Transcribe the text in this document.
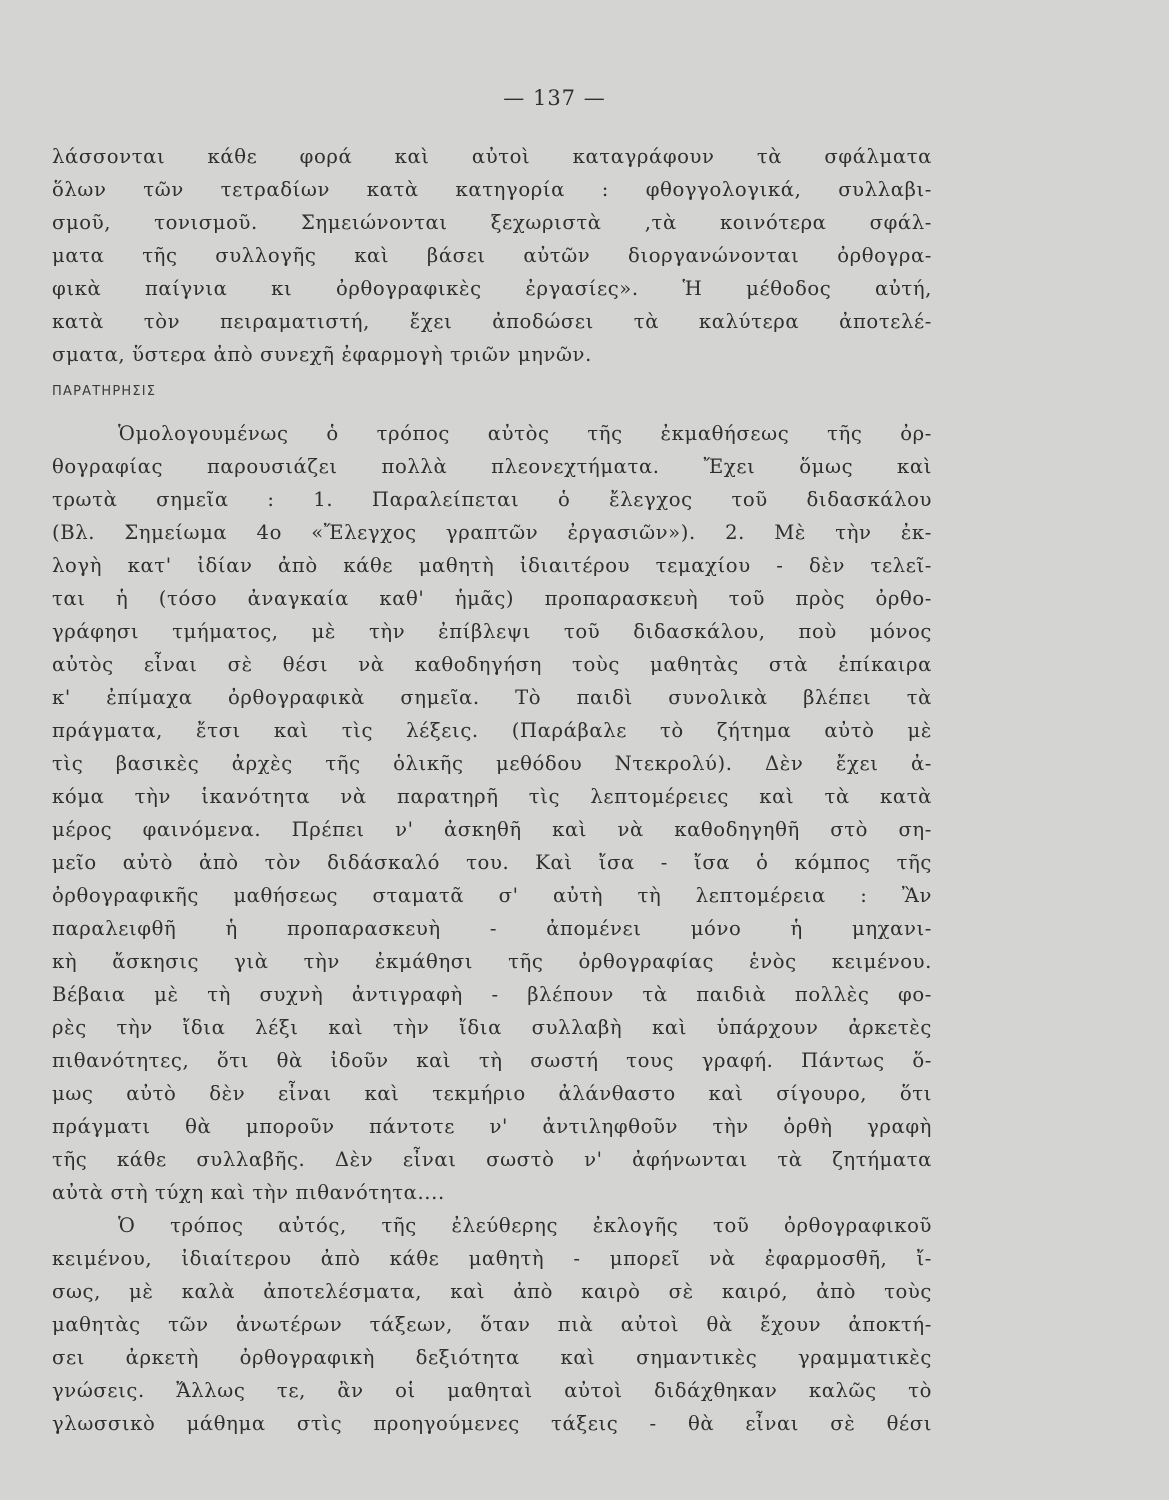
— 137 —
λάσσονται κάθε φορά καὶ αὐτοὶ καταγράφουν τὰ σφάλματα
ὅλων τῶν τετραδίων κατὰ κατηγορία : φθογγολογικά, συλλαβι-
σμοῦ, τονισμοῦ. Σημειώνονται ξεχωριστὰ ,τὰ κοινότερα σφάλ-
ματα τῆς συλλογῆς καὶ βάσει αὐτῶν διοργανώνονται ὀρθογρα-
φικὰ παίγνια κι ὀρθογραφικὲς ἐργασίες». Ἡ μέθοδος αὐτή,
κατὰ τὸν πειραματιστή, ἔχει ἀποδώσει τὰ καλύτερα ἀποτελέ-
σματα, ὕστερα ἀπὸ συνεχῆ ἐφαρμογὴ τριῶν μηνῶν.
ΠΑΡΑΤΗΡΗΣΙΣ
Ὁμολογουμένως ὁ τρόπος αὐτὸς τῆς ἐκμαθήσεως τῆς ὀρ-
θογραφίας παρουσιάζει πολλὰ πλεονεχτήματα. Ἔχει ὅμως καὶ
τρωτὰ σημεῖα : 1. Παραλείπεται ὁ ἔλεγχος τοῦ διδασκάλου
(Βλ. Σημείωμα 4ο «Ἔλεγχος γραπτῶν ἐργασιῶν»). 2. Μὲ τὴν ἐκ-
λογὴ κατ' ἰδίαν ἀπὸ κάθε μαθητὴ ἰδιαιτέρου τεμαχίου - δὲν τελεῖ-
ται ἡ (τόσο ἀναγκαία καθ' ἡμᾶς) προπαρασκευὴ τοῦ πρὸς ὀρθο-
γράφησι τμήματος, μὲ τὴν ἐπίβλεψι τοῦ διδασκάλου, ποὺ μόνος
αὐτὸς εἶναι σὲ θέσι νὰ καθοδηγήση τοὺς μαθητὰς στὰ ἐπίκαιρα
κ' ἐπίμαχα ὀρθογραφικὰ σημεῖα. Τὸ παιδὶ συνολικὰ βλέπει τὰ
πράγματα, ἔτσι καὶ τὶς λέξεις. (Παράβαλε τὸ ζήτημα αὐτὸ μὲ
τὶς βασικὲς ἀρχὲς τῆς ὁλικῆς μεθόδου Ντεκρολύ). Δὲν ἔχει ἀ-
κόμα τὴν ἱκανότητα νὰ παρατηρῆ τὶς λεπτομέρειες καὶ τὰ κατὰ
μέρος φαινόμενα. Πρέπει ν' ἀσκηθῆ καὶ νὰ καθοδηγηθῆ στὸ ση-
μεῖο αὐτὸ ἀπὸ τὸν διδάσκαλό του. Καὶ ἴσα - ἴσα ὁ κόμπος τῆς
ὀρθογραφικῆς μαθήσεως σταματᾶ σ' αὐτὴ τὴ λεπτομέρεια : Ἂν
παραλειφθῆ ἡ προπαρασκευὴ - ἀπομένει μόνο ἡ μηχανι-
κὴ ἄσκησις γιὰ τὴν ἐκμάθησι τῆς ὀρθογραφίας ἑνὸς κειμένου.
Βέβαια μὲ τὴ συχνὴ ἀντιγραφὴ - βλέπουν τὰ παιδιὰ πολλὲς φο-
ρὲς τὴν ἴδια λέξι καὶ τὴν ἴδια συλλαβὴ καὶ ὑπάρχουν ἀρκετὲς
πιθανότητες, ὅτι θὰ ἰδοῦν καὶ τὴ σωστή τους γραφή. Πάντως ὅ-
μως αὐτὸ δὲν εἶναι καὶ τεκμήριο ἀλάνθαστο καὶ σίγουρο, ὅτι
πράγματι θὰ μποροῦν πάντοτε ν' ἀντιληφθοῦν τὴν ὀρθὴ γραφὴ
τῆς κάθε συλλαβῆς. Δὲν εἶναι σωστὸ ν' ἀφήνωνται τὰ ζητήματα
αὐτὰ στὴ τύχη καὶ τὴν πιθανότητα....
Ὁ τρόπος αὐτός, τῆς ἐλεύθερης ἐκλογῆς τοῦ ὀρθογραφικοῦ
κειμένου, ἰδιαίτερου ἀπὸ κάθε μαθητὴ - μπορεῖ νὰ ἐφαρμοσθῆ, ἴ-
σως, μὲ καλὰ ἀποτελέσματα, καὶ ἀπὸ καιρὸ σὲ καιρό, ἀπὸ τοὺς
μαθητὰς τῶν ἀνωτέρων τάξεων, ὅταν πιὰ αὐτοὶ θὰ ἔχουν ἀποκτή-
σει ἀρκετὴ ὀρθογραφικὴ δεξιότητα καὶ σημαντικὲς γραμματικὲς
γνώσεις. Ἄλλως τε, ἂν οἱ μαθηταὶ αὐτοὶ διδάχθηκαν καλῶς τὸ
γλωσσικὸ μάθημα στὶς προηγούμενες τάξεις - θὰ εἶναι σὲ θέσι
